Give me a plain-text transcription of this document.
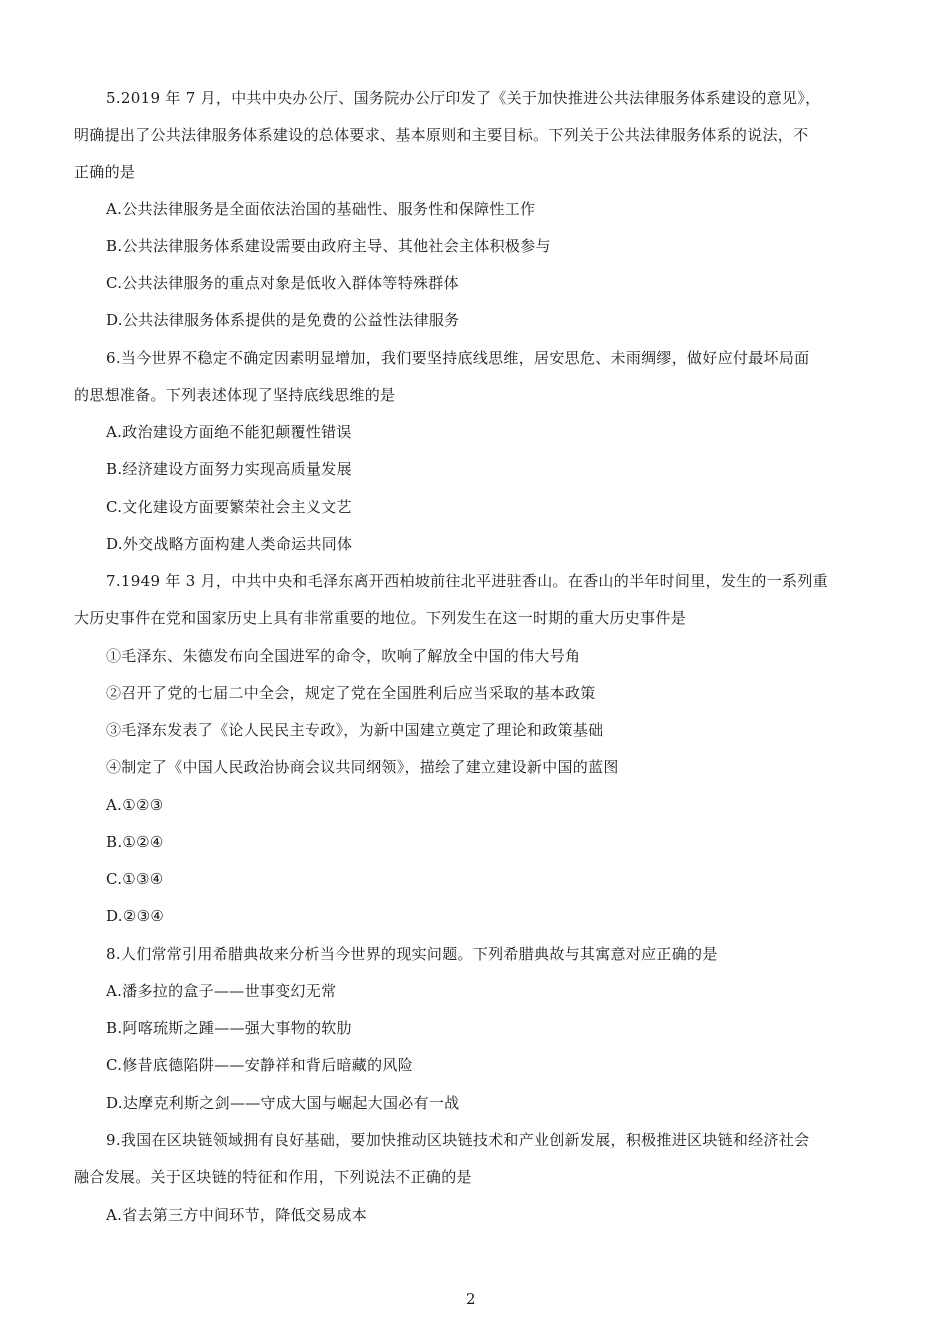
5.2019 年 7 月，中共中央办公厅、国务院办公厅印发了《关于加快推进公共法律服务体系建设的意见》，
明确提出了公共法律服务体系建设的总体要求、基本原则和主要目标。下列关于公共法律服务体系的说法，不
正确的是
A.公共法律服务是全面依法治国的基础性、服务性和保障性工作
B.公共法律服务体系建设需要由政府主导、其他社会主体积极参与
C.公共法律服务的重点对象是低收入群体等特殊群体
D.公共法律服务体系提供的是免费的公益性法律服务
6.当今世界不稳定不确定因素明显增加，我们要坚持底线思维，居安思危、未雨绸缪，做好应付最坏局面
的思想准备。下列表述体现了坚持底线思维的是
A.政治建设方面绝不能犯颠覆性错误
B.经济建设方面努力实现高质量发展
C.文化建设方面要繁荣社会主义文艺
D.外交战略方面构建人类命运共同体
7.1949 年 3 月，中共中央和毛泽东离开西柏坡前往北平进驻香山。在香山的半年时间里，发生的一系列重
大历史事件在党和国家历史上具有非常重要的地位。下列发生在这一时期的重大历史事件是
①毛泽东、朱德发布向全国进军的命令，吹响了解放全中国的伟大号角
②召开了党的七届二中全会，规定了党在全国胜利后应当采取的基本政策
③毛泽东发表了《论人民民主专政》，为新中国建立奠定了理论和政策基础
④制定了《中国人民政治协商会议共同纲领》，描绘了建立建设新中国的蓝图
A.①②③
B.①②④
C.①③④
D.②③④
8.人们常常引用希腊典故来分析当今世界的现实问题。下列希腊典故与其寓意对应正确的是
A.潘多拉的盒子——世事变幻无常
B.阿喀琉斯之踵——强大事物的软肋
C.修昔底德陷阱——安静祥和背后暗藏的风险
D.达摩克利斯之剑——守成大国与崛起大国必有一战
9.我国在区块链领域拥有良好基础，要加快推动区块链技术和产业创新发展，积极推进区块链和经济社会
融合发展。关于区块链的特征和作用，下列说法不正确的是
A.省去第三方中间环节，降低交易成本
2
